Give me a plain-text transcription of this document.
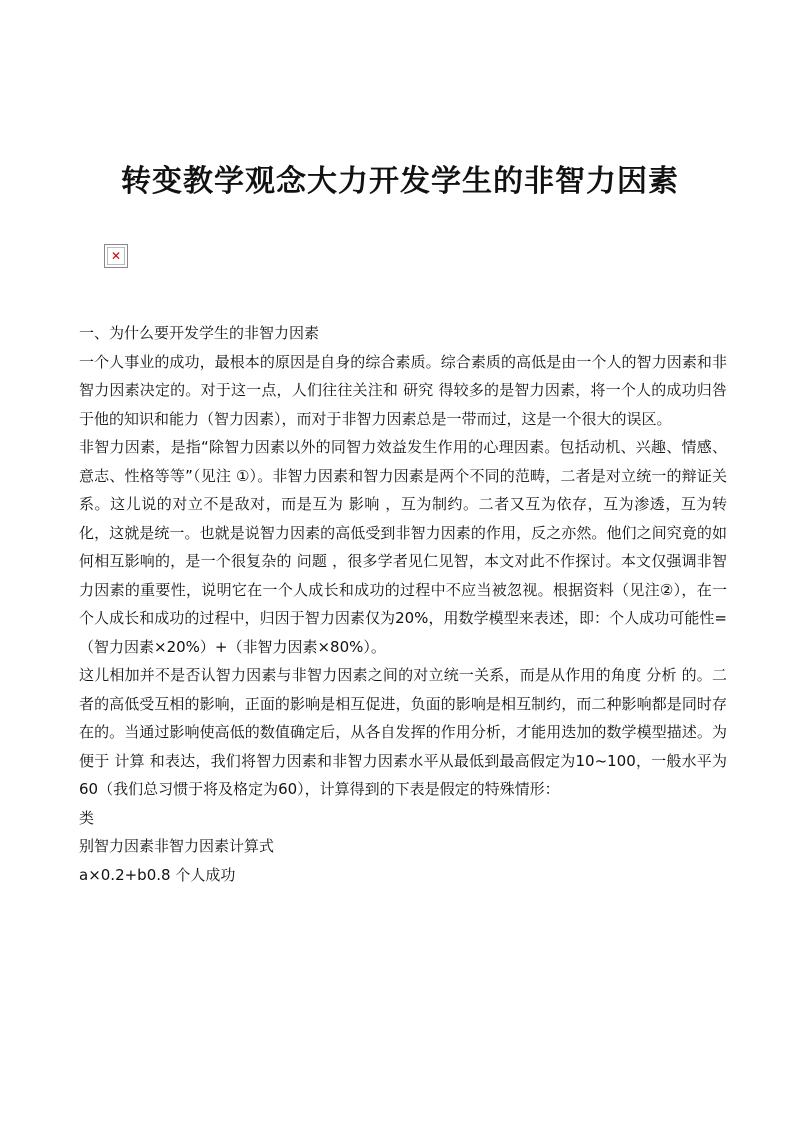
转变教学观念大力开发学生的非智力因素
✕

一、为什么要开发学生的非智力因素

一个人事业的成功，最根本的原因是自身的综合素质。综合素质的高低是由一个人的智力因素和非智力因素决定的。对于这一点，人们往往关注和 研究 得较多的是智力因素，将一个人的成功归咎于他的知识和能力（智力因素），而对于非智力因素总是一带而过，这是一个很大的误区。

非智力因素，是指“除智力因素以外的同智力效益发生作用的心理因素。包括动机、兴趣、情感、意志、性格等等”（见注 ①）。非智力因素和智力因素是两个不同的范畴，二者是对立统一的辩证关系。这儿说的对立不是敌对，而是互为 影响 ，互为制约。二者又互为依存，互为渗透，互为转化，这就是统一。也就是说智力因素的高低受到非智力因素的作用，反之亦然。他们之间究竟的如何相互影响的，是一个很复杂的 问题 ，很多学者见仁见智，本文对此不作探讨。本文仅强调非智力因素的重要性，说明它在一个人成长和成功的过程中不应当被忽视。根据资料（见注②），在一个人成长和成功的过程中，归因于智力因素仅为20%，用数学模型来表述，即：个人成功可能性=（智力因素×20%）+（非智力因素×80%）。

这儿相加并不是否认智力因素与非智力因素之间的对立统一关系，而是从作用的角度 分析 的。二者的高低受互相的影响，正面的影响是相互促进，负面的影响是相互制约，而二种影响都是同时存在的。当通过影响使高低的数值确定后，从各自发挥的作用分析，才能用迭加的数学模型描述。为便于 计算 和表达，我们将智力因素和非智力因素水平从最低到最高假定为10~100，一般水平为60（我们总习惯于将及格定为60），计算得到的下表是假定的特殊情形：

类

别智力因素非智力因素计算式

a×0.2+b0.8 个人成功
